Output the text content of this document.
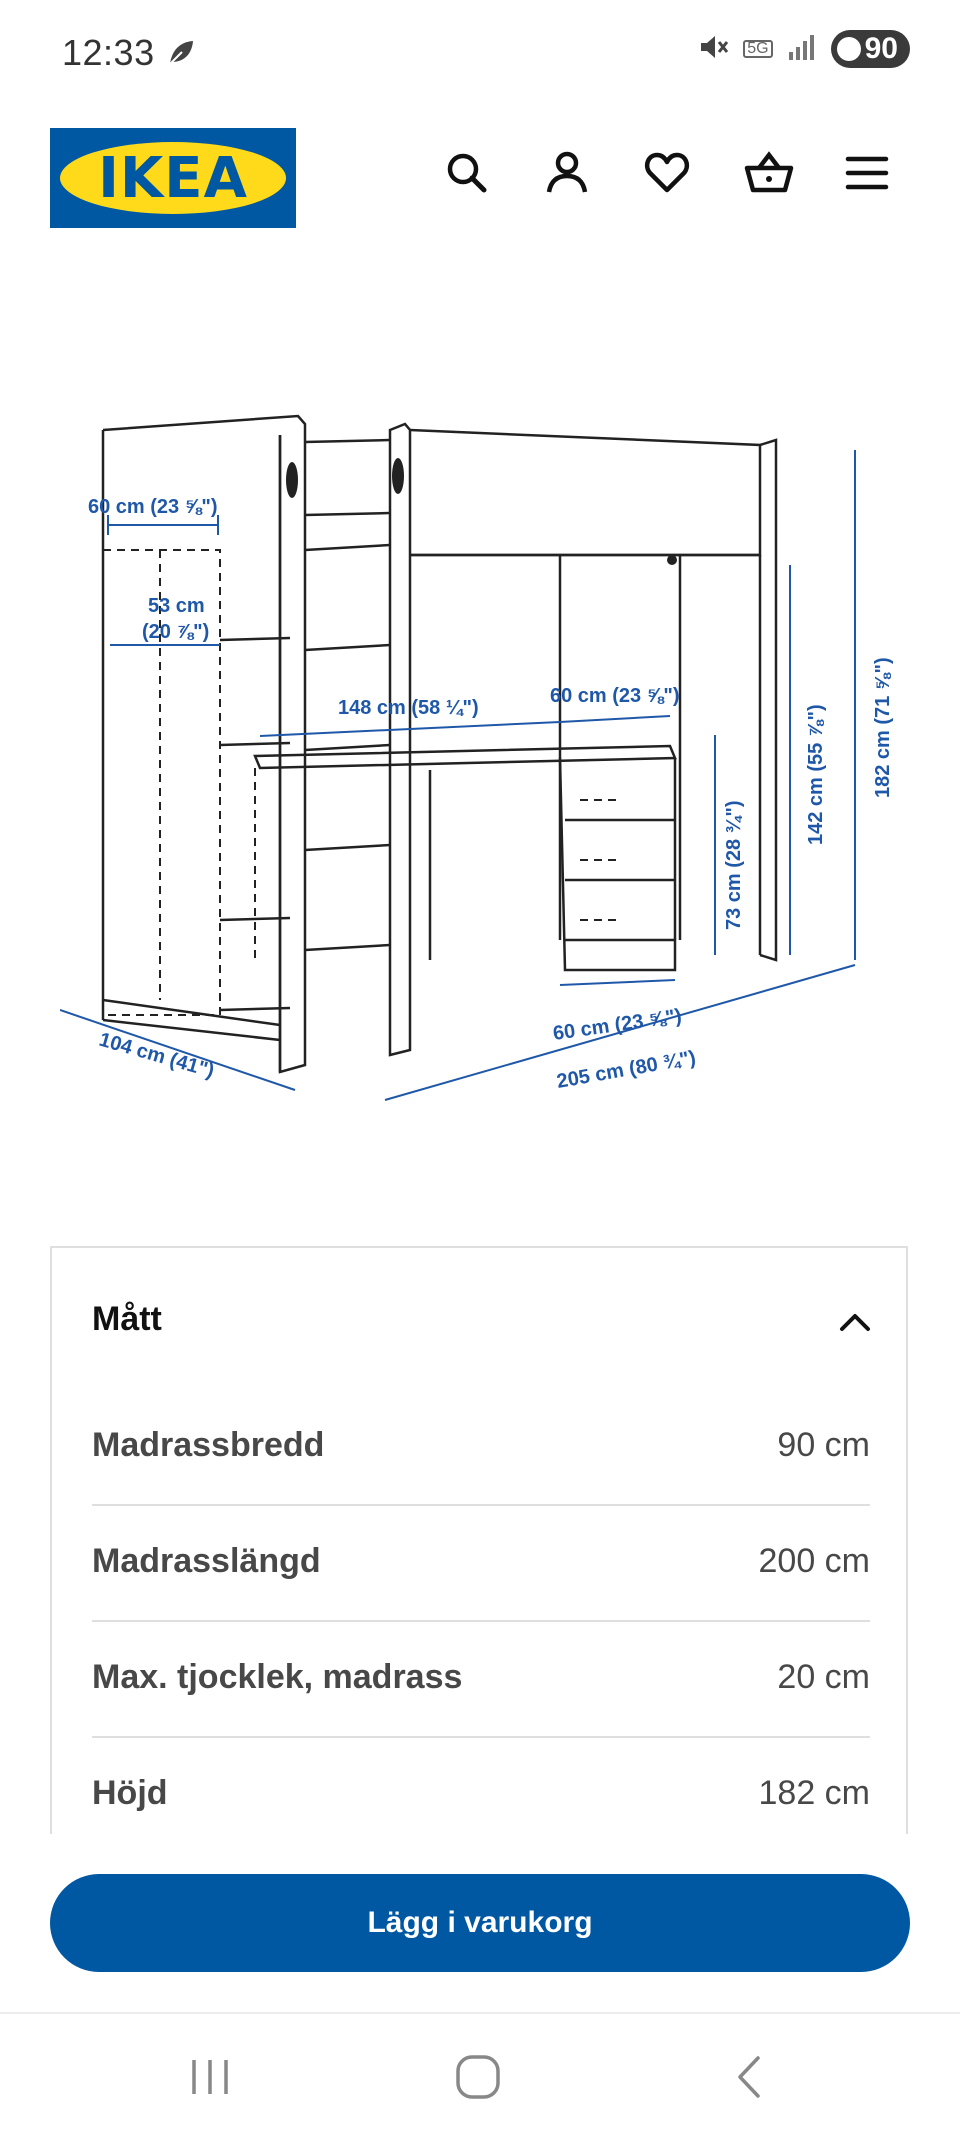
12:33	5G	90
IKEA
60 cm (23 ⅝")
53 cm
(20 ⅞")
148 cm (58 ¼")
60 cm (23 ⅝")
73 cm (28 ¾")
142 cm (55 ⅞") 182 cm (71 ⅝")
60 cm (23 ⅝")
205 cm (80 ¾")
104 cm (41")
Mått
Madrassbredd	90 cm
Madrasslängd	200 cm
Max. tjocklek, madrass	20 cm
Höjd	182 cm
Lägg i varukorg
